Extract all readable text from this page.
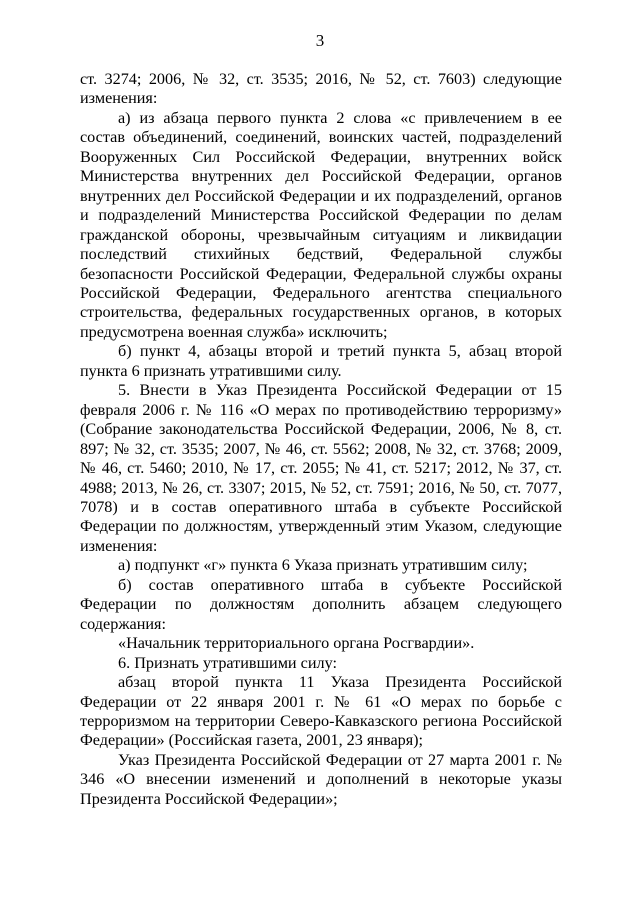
3

ст. 3274; 2006, № 32, ст. 3535; 2016, № 52, ст. 7603) следующие изменения:

а) из абзаца первого пункта 2 слова «с привлечением в ее состав объединений, соединений, воинских частей, подразделений Вооруженных Сил Российской Федерации, внутренних войск Министерства внутренних дел Российской Федерации, органов внутренних дел Российской Федерации и их подразделений, органов и подразделений Министерства Российской Федерации по делам гражданской обороны, чрезвычайным ситуациям и ликвидации последствий стихийных бедствий, Федеральной службы безопасности Российской Федерации, Федеральной службы охраны Российской Федерации, Федерального агентства специального строительства, федеральных государственных органов, в которых предусмотрена военная служба» исключить;

б) пункт 4, абзацы второй и третий пункта 5, абзац второй пункта 6 признать утратившими силу.

5. Внести в Указ Президента Российской Федерации от 15 февраля 2006 г. № 116 «О мерах по противодействию терроризму» (Собрание законодательства Российской Федерации, 2006, № 8, ст. 897; № 32, ст. 3535; 2007, № 46, ст. 5562; 2008, № 32, ст. 3768; 2009, № 46, ст. 5460; 2010, № 17, ст. 2055; № 41, ст. 5217; 2012, № 37, ст. 4988; 2013, № 26, ст. 3307; 2015, № 52, ст. 7591; 2016, № 50, ст. 7077, 7078) и в состав оперативного штаба в субъекте Российской Федерации по должностям, утвержденный этим Указом, следующие изменения:

а) подпункт «г» пункта 6 Указа признать утратившим силу;

б) состав оперативного штаба в субъекте Российской Федерации по должностям дополнить абзацем следующего содержания:

«Начальник территориального органа Росгвардии».

6. Признать утратившими силу:

абзац второй пункта 11 Указа Президента Российской Федерации от 22 января 2001 г. № 61 «О мерах по борьбе с терроризмом на территории Северо-Кавказского региона Российской Федерации» (Российская газета, 2001, 23 января);

Указ Президента Российской Федерации от 27 марта 2001 г. № 346 «О внесении изменений и дополнений в некоторые указы Президента Российской Федерации»;
